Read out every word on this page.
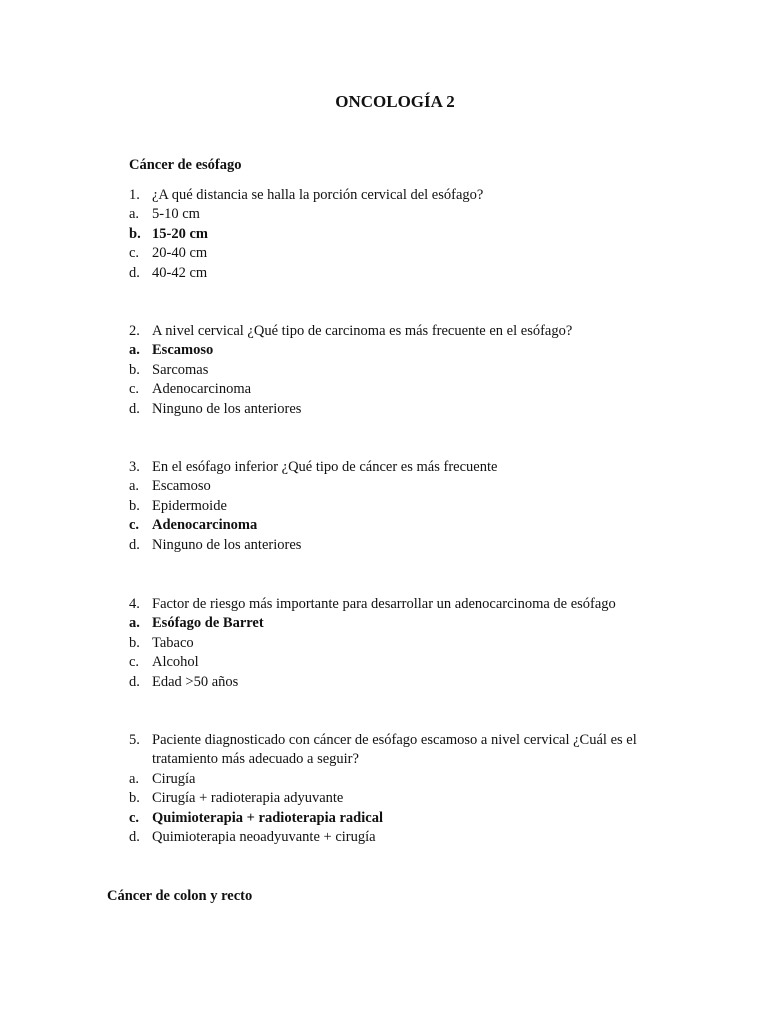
ONCOLOGÍA 2
Cáncer de esófago
1. ¿A qué distancia se halla la porción cervical del esófago?
a. 5-10 cm
b. 15-20 cm
c. 20-40 cm
d. 40-42 cm
2. A nivel cervical ¿Qué tipo de carcinoma es más frecuente en el esófago?
a. Escamoso
b. Sarcomas
c. Adenocarcinoma
d. Ninguno de los anteriores
3. En el esófago inferior ¿Qué tipo de cáncer es más frecuente
a. Escamoso
b. Epidermoide
c. Adenocarcinoma
d. Ninguno de los anteriores
4. Factor de riesgo más importante para desarrollar un adenocarcinoma de esófago
a. Esófago de Barret
b. Tabaco
c. Alcohol
d. Edad >50 años
5. Paciente diagnosticado con cáncer de esófago escamoso a nivel cervical ¿Cuál es el tratamiento más adecuado a seguir?
a. Cirugía
b. Cirugía + radioterapia adyuvante
c. Quimioterapia + radioterapia radical
d. Quimioterapia neoadyuvante + cirugía
Cáncer de colon y recto
